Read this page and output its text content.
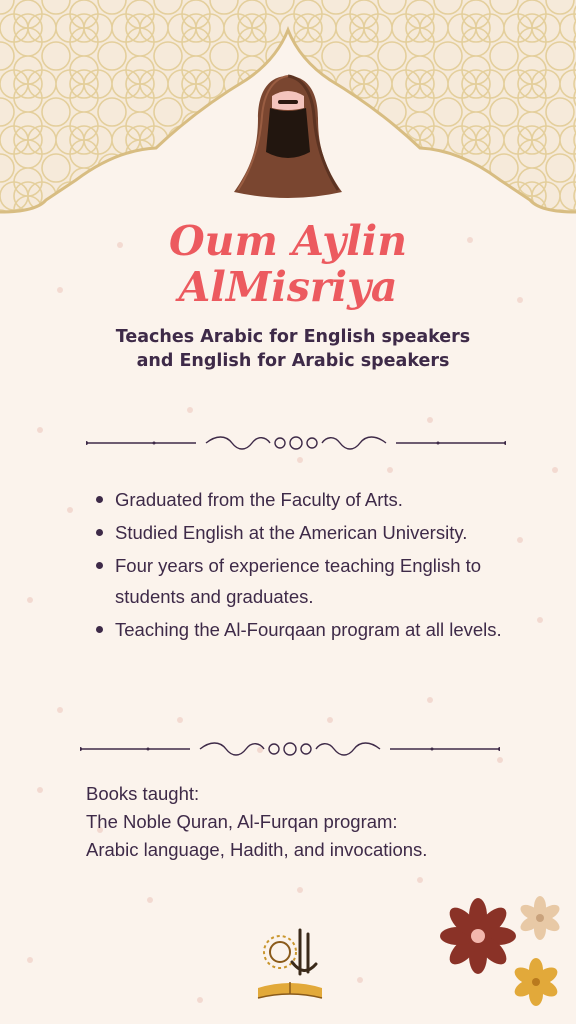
Oum Aylin
AlMisriya
Teaches Arabic for English speakers and English for Arabic speakers
Graduated from the Faculty of Arts.
Studied English at the American University.
Four years of experience teaching English to students and graduates.
Teaching the Al-Fourqaan program at all levels.
Books taught:
The Noble Quran, Al-Furqan program:
Arabic language, Hadith, and invocations.
